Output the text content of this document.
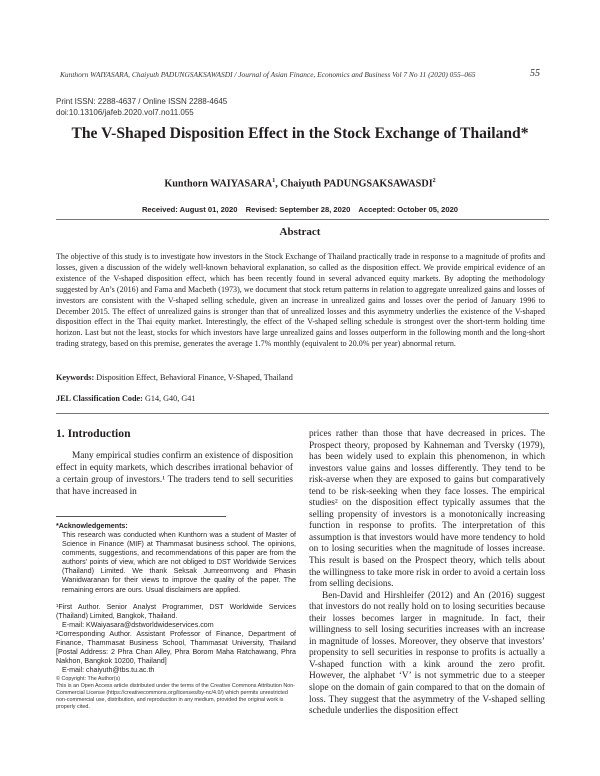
Kunthorn WAIYASARA, Chaiyuth PADUNGSAKSAWASDI / Journal of Asian Finance, Economics and Business Vol 7 No 11 (2020) 055–065	55
Print ISSN: 2288-4637 / Online ISSN 2288-4645
doi:10.13106/jafeb.2020.vol7.no11.055
The V-Shaped Disposition Effect in the Stock Exchange of Thailand*
Kunthorn WAIYASARA$^1$, Chaiyuth PADUNGSAKSAWASDI$^2$
Received: August 01, 2020 Revised: September 28, 2020 Accepted: October 05, 2020
Abstract
The objective of this study is to investigate how investors in the Stock Exchange of Thailand practically trade in response to a magnitude of profits and losses, given a discussion of the widely well-known behavioral explanation, so called as the disposition effect. We provide empirical evidence of an existence of the V-shaped disposition effect, which has been recently found in several advanced equity markets. By adopting the methodology suggested by An’s (2016) and Fama and Macbeth (1973), we document that stock return patterns in relation to aggregate unrealized gains and losses of investors are consistent with the V-shaped selling schedule, given an increase in unrealized gains and losses over the period of January 1996 to December 2015. The effect of unrealized gains is stronger than that of unrealized losses and this asymmetry underlies the existence of the V-shaped disposition effect in the Thai equity market. Interestingly, the effect of the V-shaped selling schedule is strongest over the short-term holding time horizon. Last but not the least, stocks for which investors have large unrealized gains and losses outperform in the following month and the long-short trading strategy, based on this premise, generates the average 1.7% monthly (equivalent to 20.0% per year) abnormal return.
Keywords: Disposition Effect, Behavioral Finance, V-Shaped, Thailand
JEL Classification Code: G14, G40, G41
1. Introduction
Many empirical studies confirm an existence of disposition effect in equity markets, which describes irrational behavior of a certain group of investors.¹ The traders tend to sell securities that have increased in
*Acknowledgements:
This research was conducted when Kunthorn was a student of Master of Science in Finance (MIF) at Thammasat business school. The opinions, comments, suggestions, and recommendations of this paper are from the authors’ points of view, which are not obliged to DST Worldwide Services (Thailand) Limited. We thank Seksak Jumreornvong and Phasin Wanidwaranan for their views to improve the quality of the paper. The remaining errors are ours. Usual disclaimers are applied.
¹First Author. Senior Analyst Programmer, DST Worldwide Services (Thailand) Limited, Bangkok, Thailand.
E-mail: KWaiyasara@dstworldwideservices.com
²Corresponding Author. Assistant Professor of Finance, Department of Finance, Thammasat Business School, Thammasat University, Thailand [Postal Address: 2 Phra Chan Alley, Phra Borom Maha Ratchawang, Phra Nakhon, Bangkok 10200, Thailand]
E-mail: chaiyuth@tbs.tu.ac.th
© Copyright: The Author(s)
This is an Open Access article distributed under the terms of the Creative Commons Attribution Non-Commercial License (https://creativecommons.org/licenses/by-nc/4.0/) which permits unrestricted non-commercial use, distribution, and reproduction in any medium, provided the original work is properly cited.

prices rather than those that have decreased in prices. The Prospect theory, proposed by Kahneman and Tversky (1979), has been widely used to explain this phenomenon, in which investors value gains and losses differently. They tend to be risk-averse when they are exposed to gains but comparatively tend to be risk-seeking when they face losses. The empirical studies² on the disposition effect typically assumes that the selling propensity of investors is a monotonically increasing function in response to profits. The interpretation of this assumption is that investors would have more tendency to hold on to losing securities when the magnitude of losses increase. This result is based on the Prospect theory, which tells about the willingness to take more risk in order to avoid a certain loss from selling decisions.

Ben-David and Hirshleifer (2012) and An (2016) suggest that investors do not really hold on to losing securities because their losses becomes larger in magnitude. In fact, their willingness to sell losing securities increases with an increase in magnitude of losses. Moreover, they observe that investors’ propensity to sell securities in response to profits is actually a V-shaped function with a kink around the zero profit. However, the alphabet ‘V’ is not symmetric due to a steeper slope on the domain of gain compared to that on the domain of loss. They suggest that the asymmetry of the V-shaped selling schedule underlies the disposition effect
